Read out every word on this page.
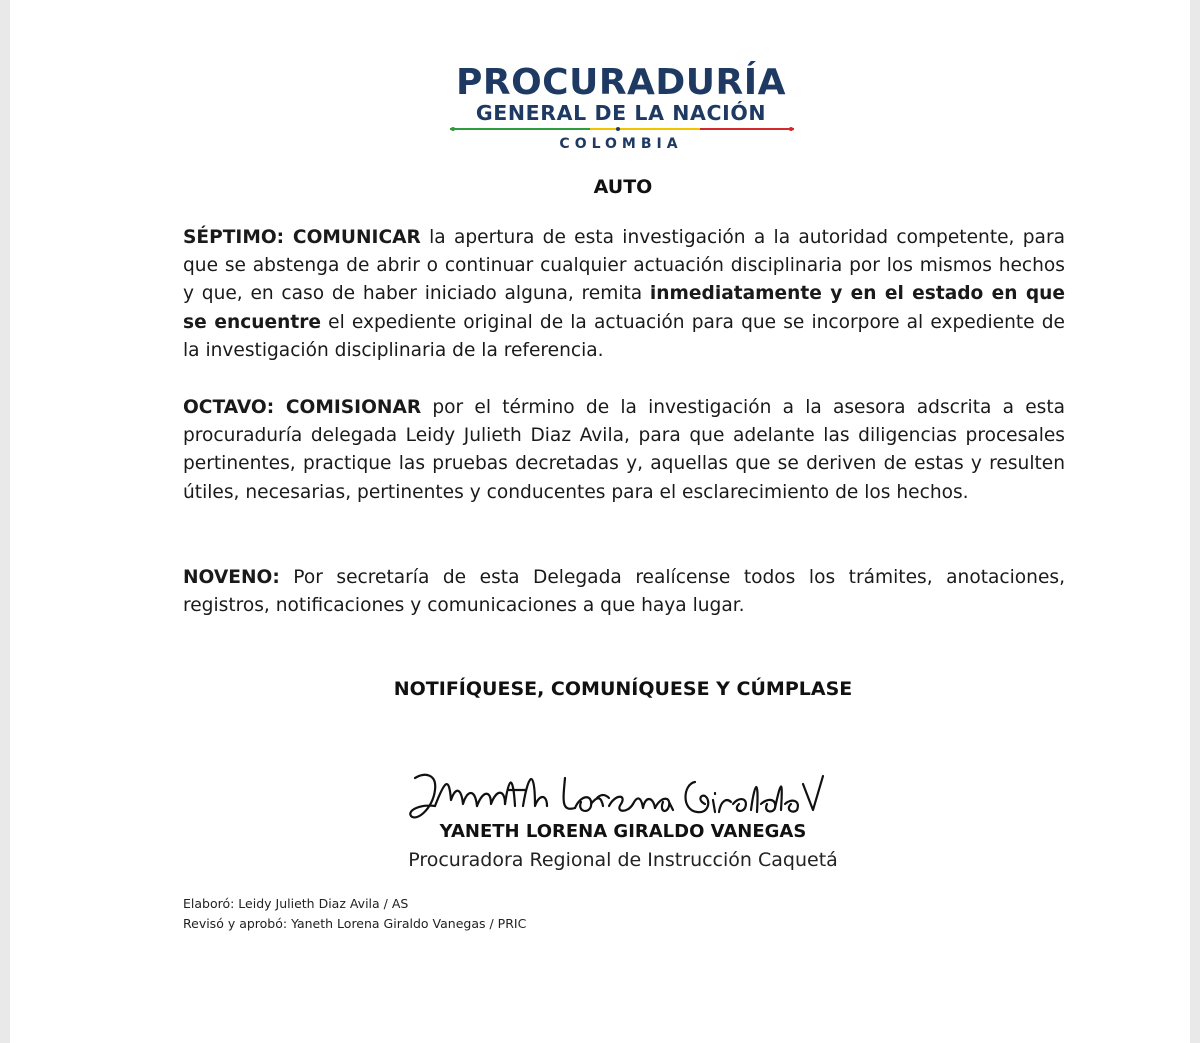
PROCURADURÍA
GENERAL DE LA NACIÓN
COLOMBIA
AUTO

SÉPTIMO: COMUNICAR la apertura de esta investigación a la autoridad competente, para que se abstenga de abrir o continuar cualquier actuación disciplinaria por los mismos hechos y que, en caso de haber iniciado alguna, remita inmediatamente y en el estado en que se encuentre el expediente original de la actuación para que se incorpore al expediente de la investigación disciplinaria de la referencia.

OCTAVO: COMISIONAR por el término de la investigación a la asesora adscrita a esta procuraduría delegada Leidy Julieth Diaz Avila, para que adelante las diligencias procesales pertinentes, practique las pruebas decretadas y, aquellas que se deriven de estas y resulten útiles, necesarias, pertinentes y conducentes para el esclarecimiento de los hechos.

NOVENO: Por secretaría de esta Delegada realícense todos los trámites, anotaciones, registros, notificaciones y comunicaciones a que haya lugar.

NOTIFÍQUESE, COMUNÍQUESE Y CÚMPLASE
YANETH LORENA GIRALDO VANEGAS
Procuradora Regional de Instrucción Caquetá
Elaboró: Leidy Julieth Diaz Avila / AS
Revisó y aprobó: Yaneth Lorena Giraldo Vanegas / PRIC
